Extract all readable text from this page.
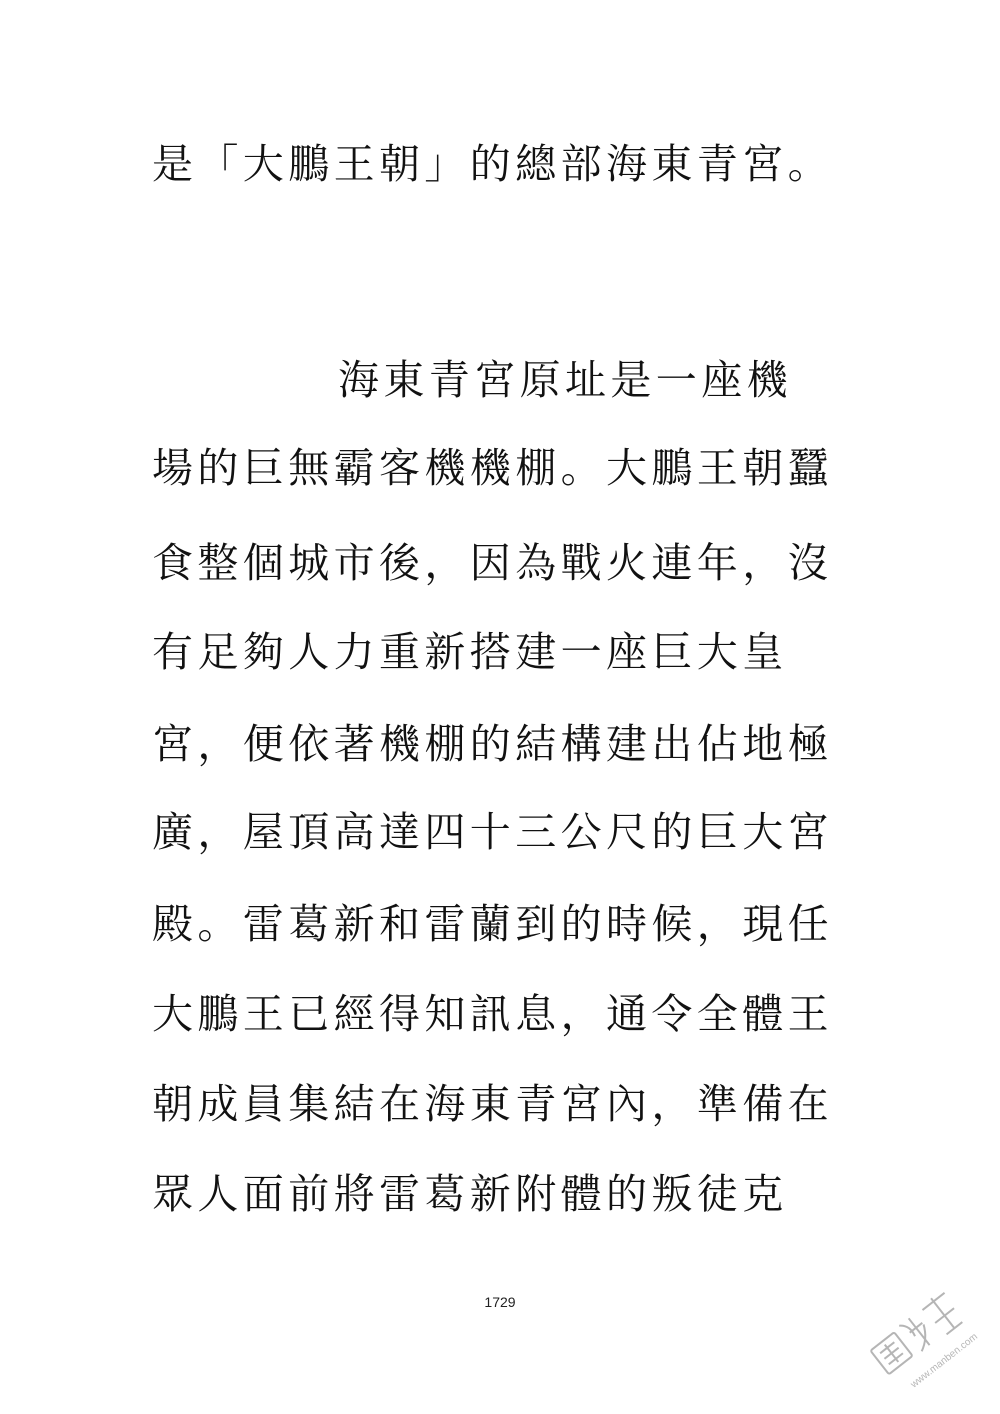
是「大鵬王朝」的總部海東青宮。
海東青宮原址是一座機
場的巨無霸客機機棚。大鵬王朝蠶
食整個城市後，因為戰火連年，沒
有足夠人力重新搭建一座巨大皇
宮，便依著機棚的結構建出佔地極
廣，屋頂高達四十三公尺的巨大宮
殿。雷葛新和雷蘭到的時候，現任
大鵬王已經得知訊息，通令全體王
朝成員集結在海東青宮內，準備在
眾人面前將雷葛新附體的叛徒克
1729
www.manben.com
